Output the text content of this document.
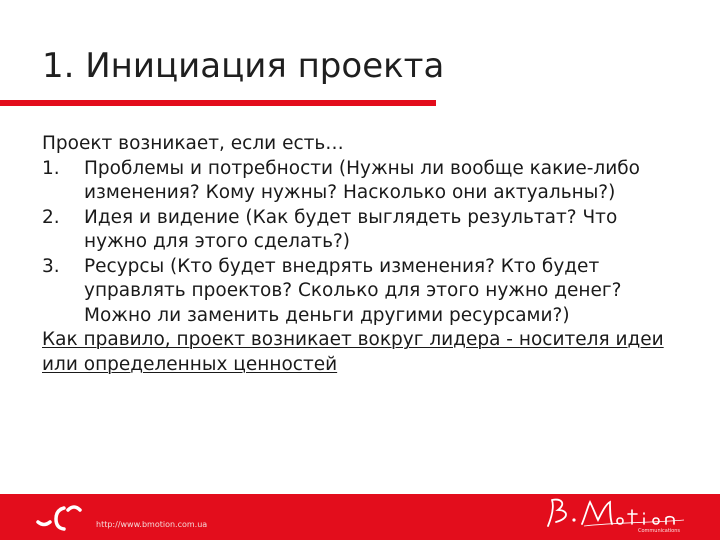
1. Инициация проекта

Проект возникает, если есть…

1. Проблемы и потребности (Нужны ли вообще какие-либо изменения? Кому нужны? Насколько они актуальны?)
2. Идея и видение (Как будет выглядеть результат? Что нужно для этого сделать?)
3. Ресурсы (Кто будет внедрять изменения? Кто будет управлять проектов? Сколько для этого нужно денег? Можно ли заменить деньги другими ресурсами?)

Как правило, проект возникает вокруг лидера - носителя идеи или определенных ценностей

http://www.bmotion.com.ua
Communications
